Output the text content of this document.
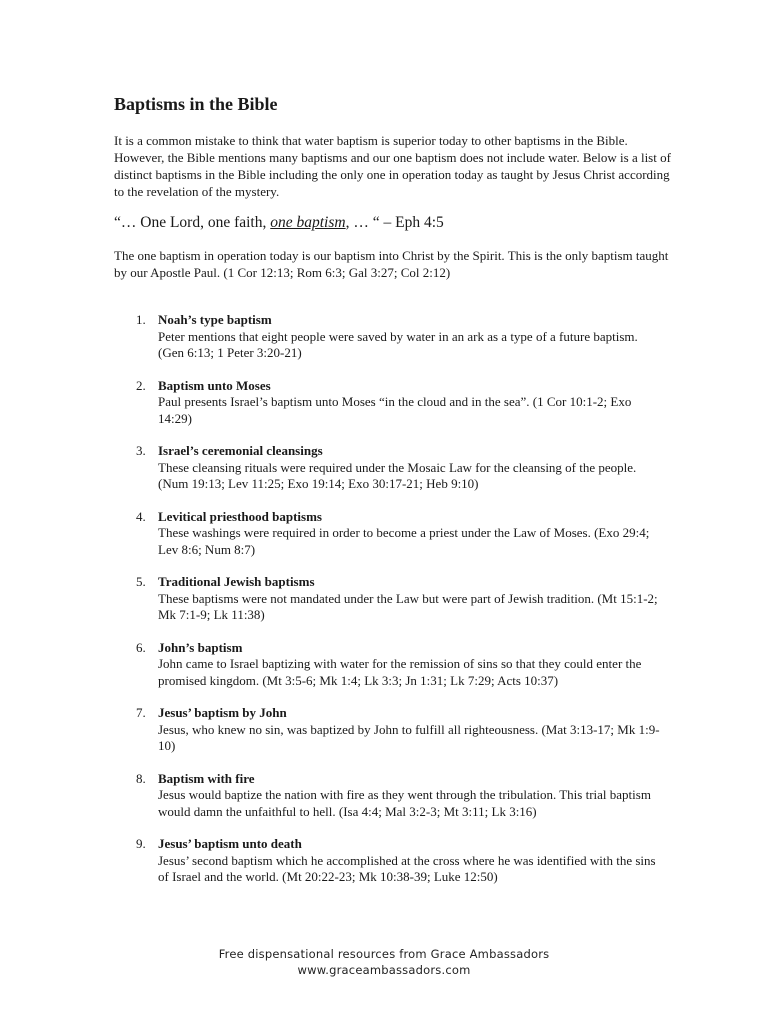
Baptisms in the Bible

It is a common mistake to think that water baptism is superior today to other baptisms in the Bible. However, the Bible mentions many baptisms and our one baptism does not include water. Below is a list of distinct baptisms in the Bible including the only one in operation today as taught by Jesus Christ according to the revelation of the mystery.

“… One Lord, one faith, one baptism, … “ – Eph 4:5

The one baptism in operation today is our baptism into Christ by the Spirit. This is the only baptism taught by our Apostle Paul. (1 Cor 12:13; Rom 6:3; Gal 3:27; Col 2:12)

1. Noah’s type baptism
Peter mentions that eight people were saved by water in an ark as a type of a future baptism. (Gen 6:13; 1 Peter 3:20-21)
2. Baptism unto Moses
Paul presents Israel’s baptism unto Moses “in the cloud and in the sea”. (1 Cor 10:1-2; Exo 14:29)
3. Israel’s ceremonial cleansings
These cleansing rituals were required under the Mosaic Law for the cleansing of the people. (Num 19:13; Lev 11:25; Exo 19:14; Exo 30:17-21; Heb 9:10)
4. Levitical priesthood baptisms
These washings were required in order to become a priest under the Law of Moses. (Exo 29:4; Lev 8:6; Num 8:7)
5. Traditional Jewish baptisms
These baptisms were not mandated under the Law but were part of Jewish tradition. (Mt 15:1-2; Mk 7:1-9; Lk 11:38)
6. John’s baptism
John came to Israel baptizing with water for the remission of sins so that they could enter the promised kingdom. (Mt 3:5-6; Mk 1:4; Lk 3:3; Jn 1:31; Lk 7:29; Acts 10:37)
7. Jesus’ baptism by John
Jesus, who knew no sin, was baptized by John to fulfill all righteousness. (Mat 3:13-17; Mk 1:9-10)
8. Baptism with fire
Jesus would baptize the nation with fire as they went through the tribulation. This trial baptism would damn the unfaithful to hell. (Isa 4:4; Mal 3:2-3; Mt 3:11; Lk 3:16)
9. Jesus’ baptism unto death
Jesus’ second baptism which he accomplished at the cross where he was identified with the sins of Israel and the world. (Mt 20:22-23; Mk 10:38-39; Luke 12:50)
Free dispensational resources from Grace Ambassadors
www.graceambassadors.com
